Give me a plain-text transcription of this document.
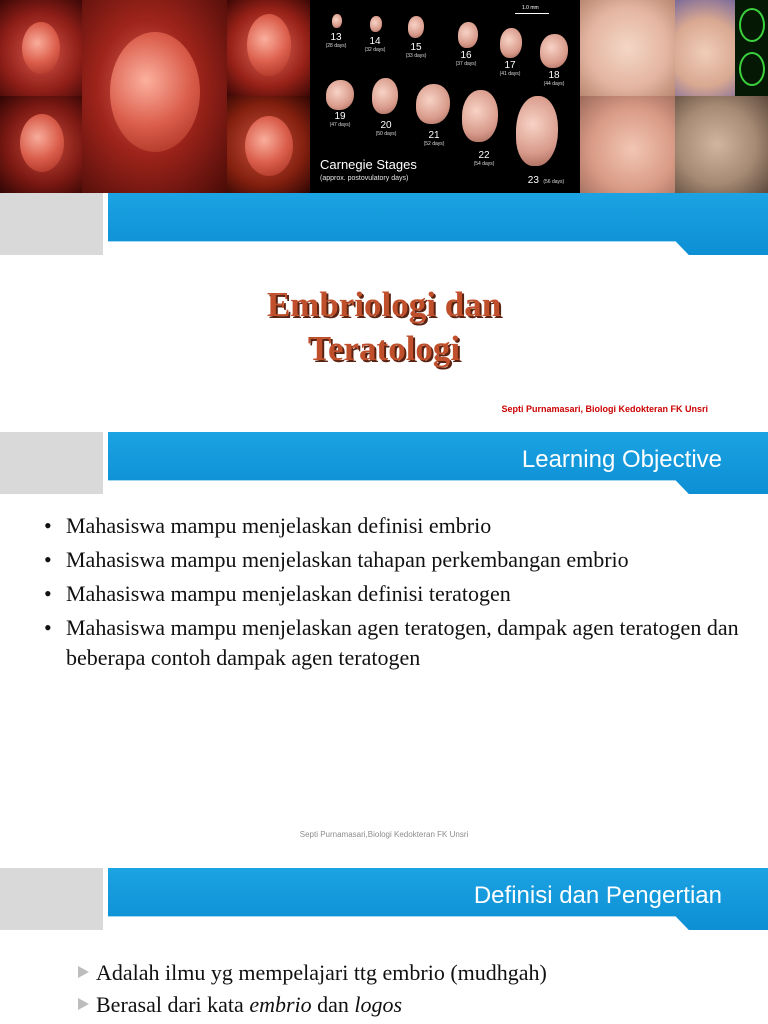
1.0 mm
13
(28 days)	14
(32 days)	15
(33 days)	16
(37 days)	17
(41 days)	18
(44 days)
19
(47 days)	20
(50 days)	21
(52 days)
22
(54 days)
23 (56 days)
Carnegie Stages
(approx. postovulatory days)
Embriologi dan
Teratologi
Septi Purnamasari, Biologi Kedokteran FK Unsri
Learning Objective
• Mahasiswa mampu menjelaskan definisi embrio
• Mahasiswa mampu menjelaskan tahapan perkembangan embrio
• Mahasiswa mampu menjelaskan definisi teratogen
• Mahasiswa mampu menjelaskan agen teratogen, dampak agen teratogen dan beberapa contoh dampak agen teratogen
Septi Purnamasari,Biologi Kedokteran FK Unsri
Definisi dan Pengertian
Adalah ilmu yg mempelajari ttg embrio (mudhgah)
Berasal dari kata embrio dan logos
